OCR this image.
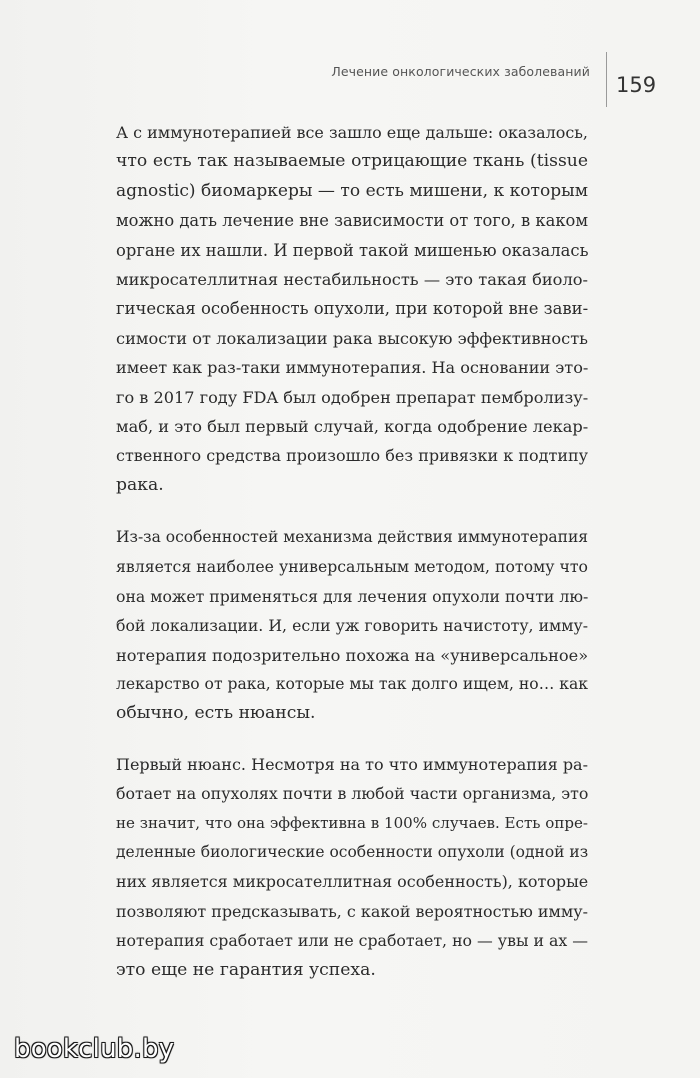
Лечение онкологических заболеваний
159
А с иммунотерапией все зашло еще дальше: оказалось,
что есть так называемые отрицающие ткань (tissue
agnostic) биомаркеры — то есть мишени, к которым
можно дать лечение вне зависимости от того, в каком
органе их нашли. И первой такой мишенью оказалась
микросателлитная нестабильность — это такая биоло-
гическая особенность опухоли, при которой вне зави-
симости от локализации рака высокую эффективность
имеет как раз-таки иммунотерапия. На основании это-
го в 2017 году FDA был одобрен препарат пембролизу-
маб, и это был первый случай, когда одобрение лекар-
ственного средства произошло без привязки к подтипу
рака.
Из-за особенностей механизма действия иммунотерапия
является наиболее универсальным методом, потому что
она может применяться для лечения опухоли почти лю-
бой локализации. И, если уж говорить начистоту, имму-
нотерапия подозрительно похожа на «универсальное»
лекарство от рака, которые мы так долго ищем, но… как
обычно, есть нюансы.
Первый нюанс. Несмотря на то что иммунотерапия ра-
ботает на опухолях почти в любой части организма, это
не значит, что она эффективна в 100% случаев. Есть опре-
деленные биологические особенности опухоли (одной из
них является микросателлитная особенность), которые
позволяют предсказывать, с какой вероятностью имму-
нотерапия сработает или не сработает, но — увы и ах —
это еще не гарантия успеха.
bookclub.by
